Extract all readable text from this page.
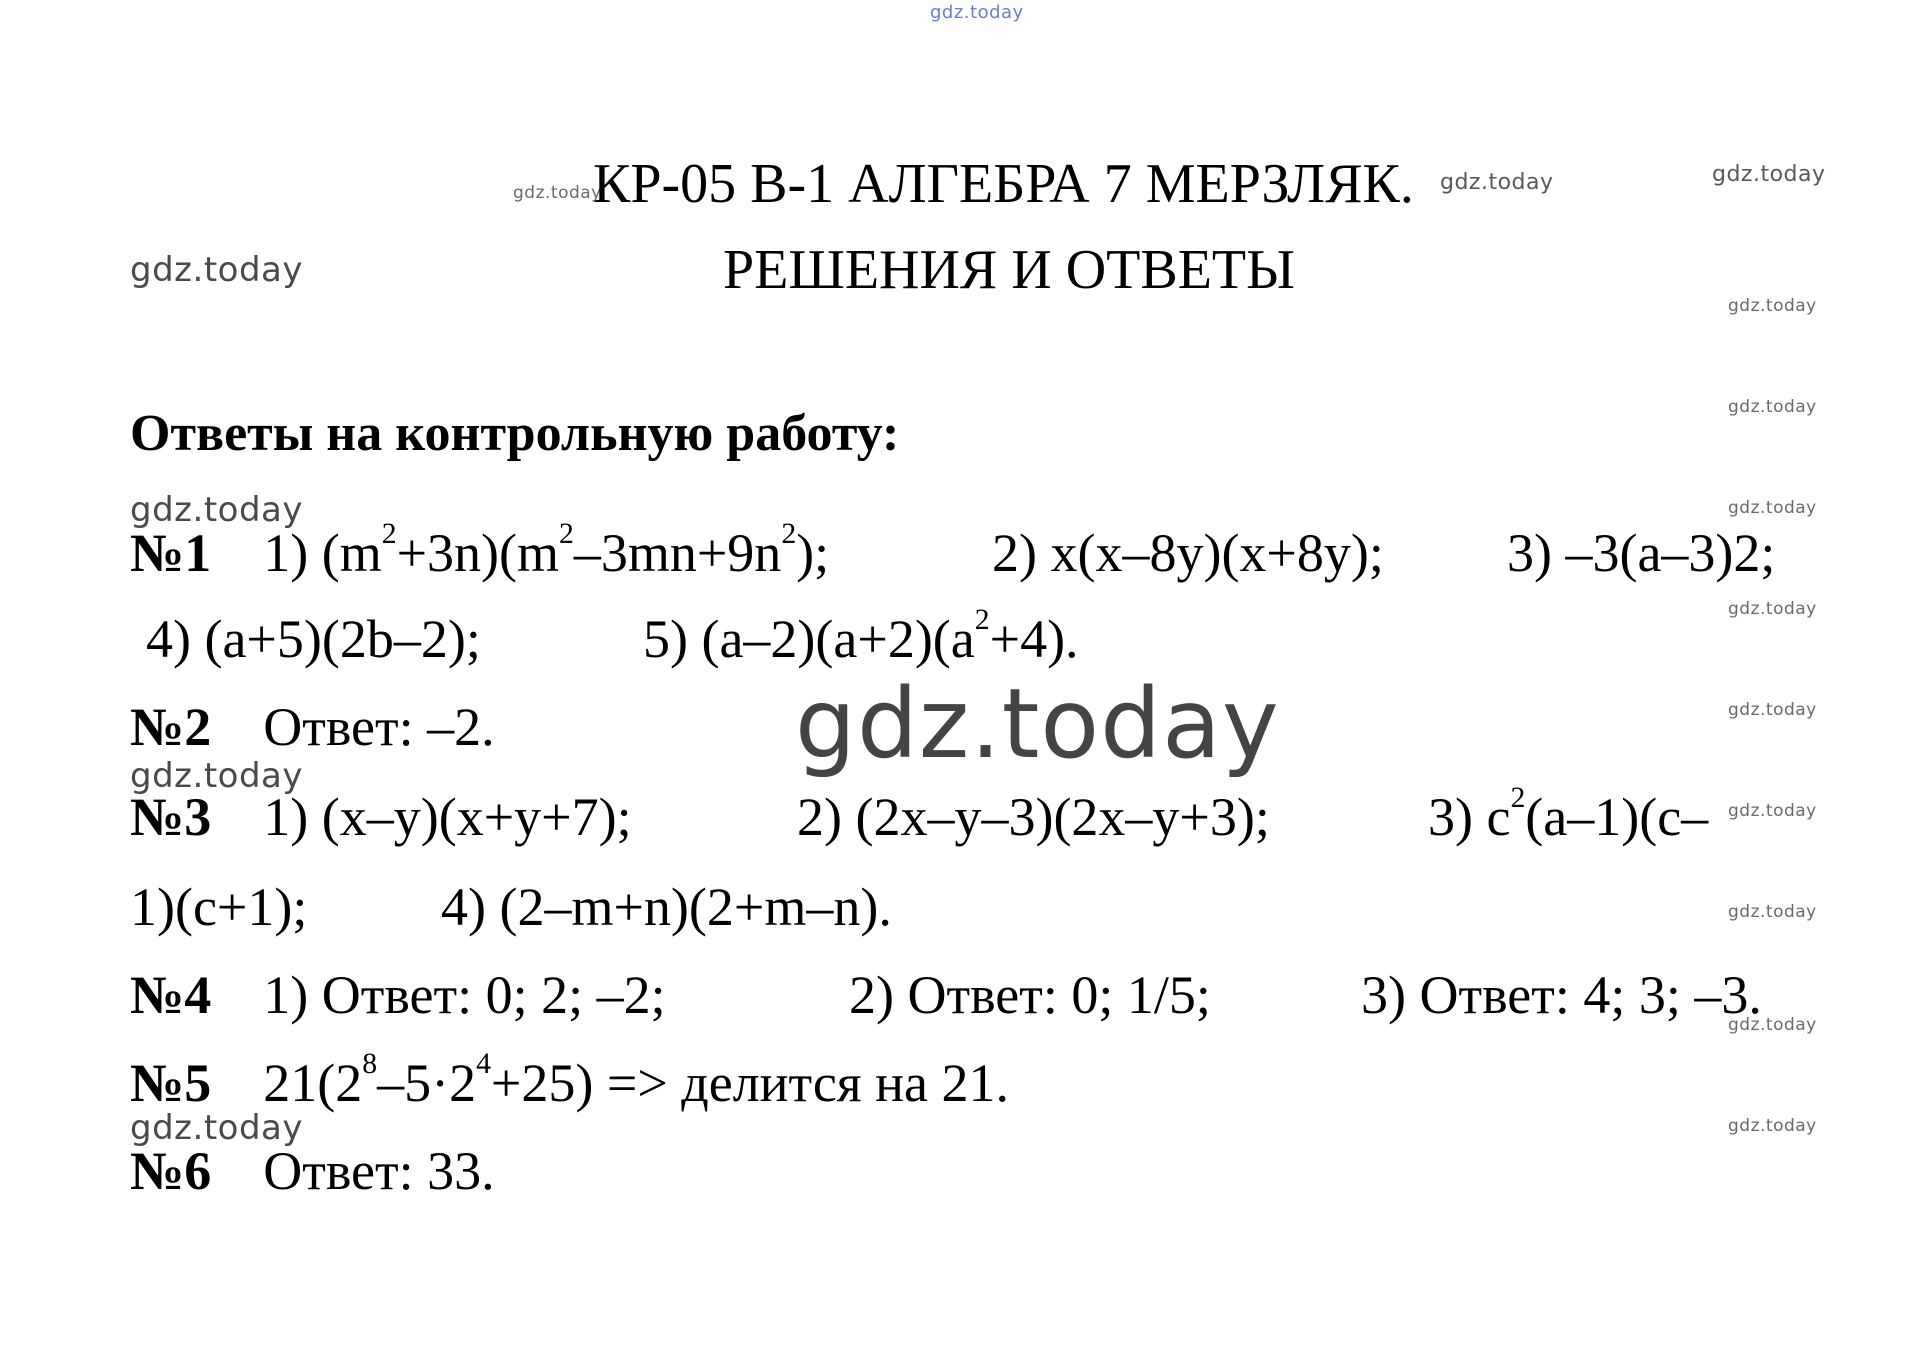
gdz.today
gdz.today	gdz.today	gdz.today
gdz.today
gdz.today
gdz.today
gdz.today	gdz.today
gdz.today
gdz.today	gdz.today
gdz.today
gdz.today
gdz.today
gdz.today
gdz.today
gdz.today
КР-05 В-1 АЛГЕБРА 7 МЕРЗЛЯК.
РЕШЕНИЯ И ОТВЕТЫ
Ответы на контрольную работу:
№1 1) $(m^2+3n)(m^2-3mn+9n^2)$;	2) x(x–8y)(x+8y); 3) –3(a–3)2;
4) (a+5)(2b–2);	5) $(a-2)(a+2)(a^2+4)$.
№2 Ответ: –2.
№3 1) (x–y)(x+y+7);	2) (2x–y–3)(2x–y+3);	3) $c^2(a-1)(c-$
1)(c+1); 4) (2–m+n)(2+m–n).
№4 1) Ответ: 0; 2; –2;	2) Ответ: 0; 1/5;	3) Ответ: 4; 3; –3.
№5 $21(2^8-5\cdot 2^4+25)$ => делится на 21.
№6 Ответ: 33.
